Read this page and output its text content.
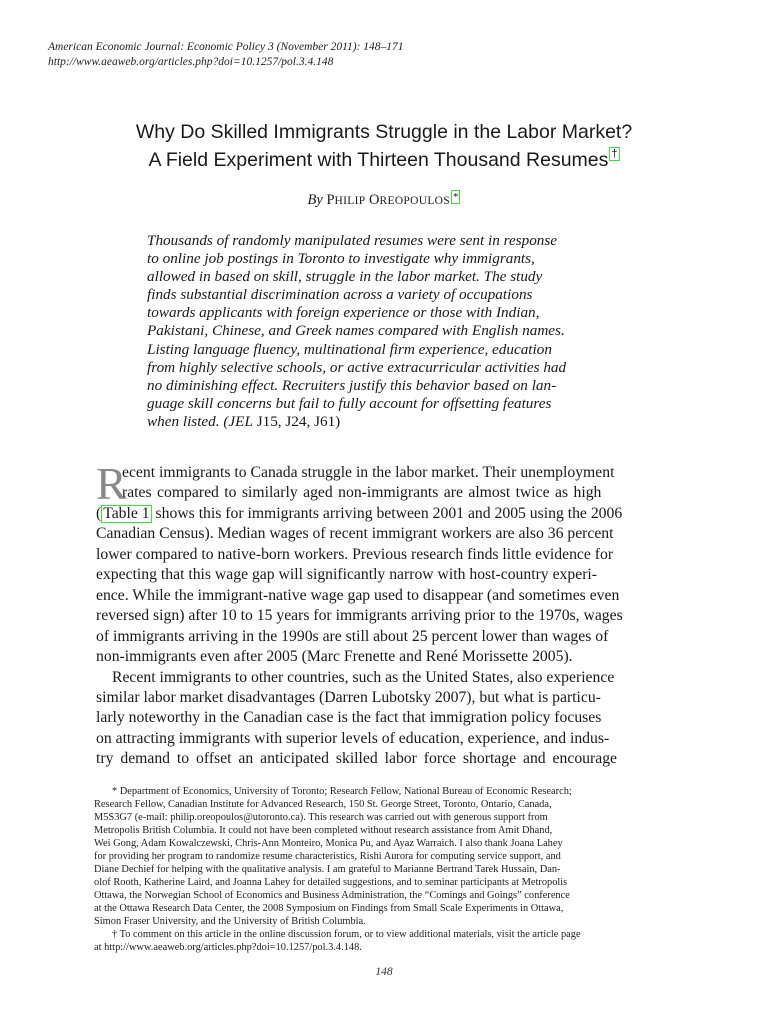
American Economic Journal: Economic Policy 3 (November 2011): 148–171
http://www.aeaweb.org/articles.php?doi=10.1257/pol.3.4.148
Why Do Skilled Immigrants Struggle in the Labor Market?
A Field Experiment with Thirteen Thousand Resumes †
By PHILIP OREOPOULOS *
Thousands of randomly manipulated resumes were sent in response
to online job postings in Toronto to investigate why immigrants,
allowed in based on skill, struggle in the labor market. The study
finds substantial discrimination across a variety of occupations
towards applicants with foreign experience or those with Indian,
Pakistani, Chinese, and Greek names compared with English names.
Listing language fluency, multinational firm experience, education
from highly selective schools, or active extracurricular activities had
no diminishing effect. Recruiters justify this behavior based on lan-
guage skill concerns but fail to fully account for offsetting features
when listed. (JEL J15, J24, J61)
R
ecent immigrants to Canada struggle in the labor market. Their unemployment
rates compared to similarly aged non-immigrants are almost twice as high
( Table 1 shows this for immigrants arriving between 2001 and 2005 using the 2006
Canadian Census). Median wages of recent immigrant workers are also 36 percent
lower compared to native-born workers. Previous research finds little evidence for
expecting that this wage gap will significantly narrow with host-country experi-
ence. While the immigrant-native wage gap used to disappear (and sometimes even
reversed sign) after 10 to 15 years for immigrants arriving prior to the 1970s, wages
of immigrants arriving in the 1990s are still about 25 percent lower than wages of
non-immigrants even after 2005 (Marc Frenette and René Morissette 2005).
Recent immigrants to other countries, such as the United States, also experience
similar labor market disadvantages (Darren Lubotsky 2007), but what is particu-
larly noteworthy in the Canadian case is the fact that immigration policy focuses
on attracting immigrants with superior levels of education, experience, and indus-
try demand to offset an anticipated skilled labor force shortage and encourage
* Department of Economics, University of Toronto; Research Fellow, National Bureau of Economic Research;
Research Fellow, Canadian Institute for Advanced Research, 150 St. George Street, Toronto, Ontario, Canada,
M5S3G7 (e-mail: philip.oreopoulos@utoronto.ca). This research was carried out with generous support from
Metropolis British Columbia. It could not have been completed without research assistance from Amit Dhand,
Wei Gong, Adam Kowalczewski, Chris-Ann Monteiro, Monica Pu, and Ayaz Warraich. I also thank Joana Lahey
for providing her program to randomize resume characteristics, Rishi Aurora for computing service support, and
Diane Dechief for helping with the qualitative analysis. I am grateful to Marianne Bertrand Tarek Hussain, Dan-
olof Rooth, Katherine Laird, and Joanna Lahey for detailed suggestions, and to seminar participants at Metropolis
Ottawa, the Norwegian School of Economics and Business Administration, the “Comings and Goings” conference
at the Ottawa Research Data Center, the 2008 Symposium on Findings from Small Scale Experiments in Ottawa,
Simon Fraser University, and the University of British Columbia.
† To comment on this article in the online discussion forum, or to view additional materials, visit the article page
at http://www.aeaweb.org/articles.php?doi=10.1257/pol.3.4.148.
148
